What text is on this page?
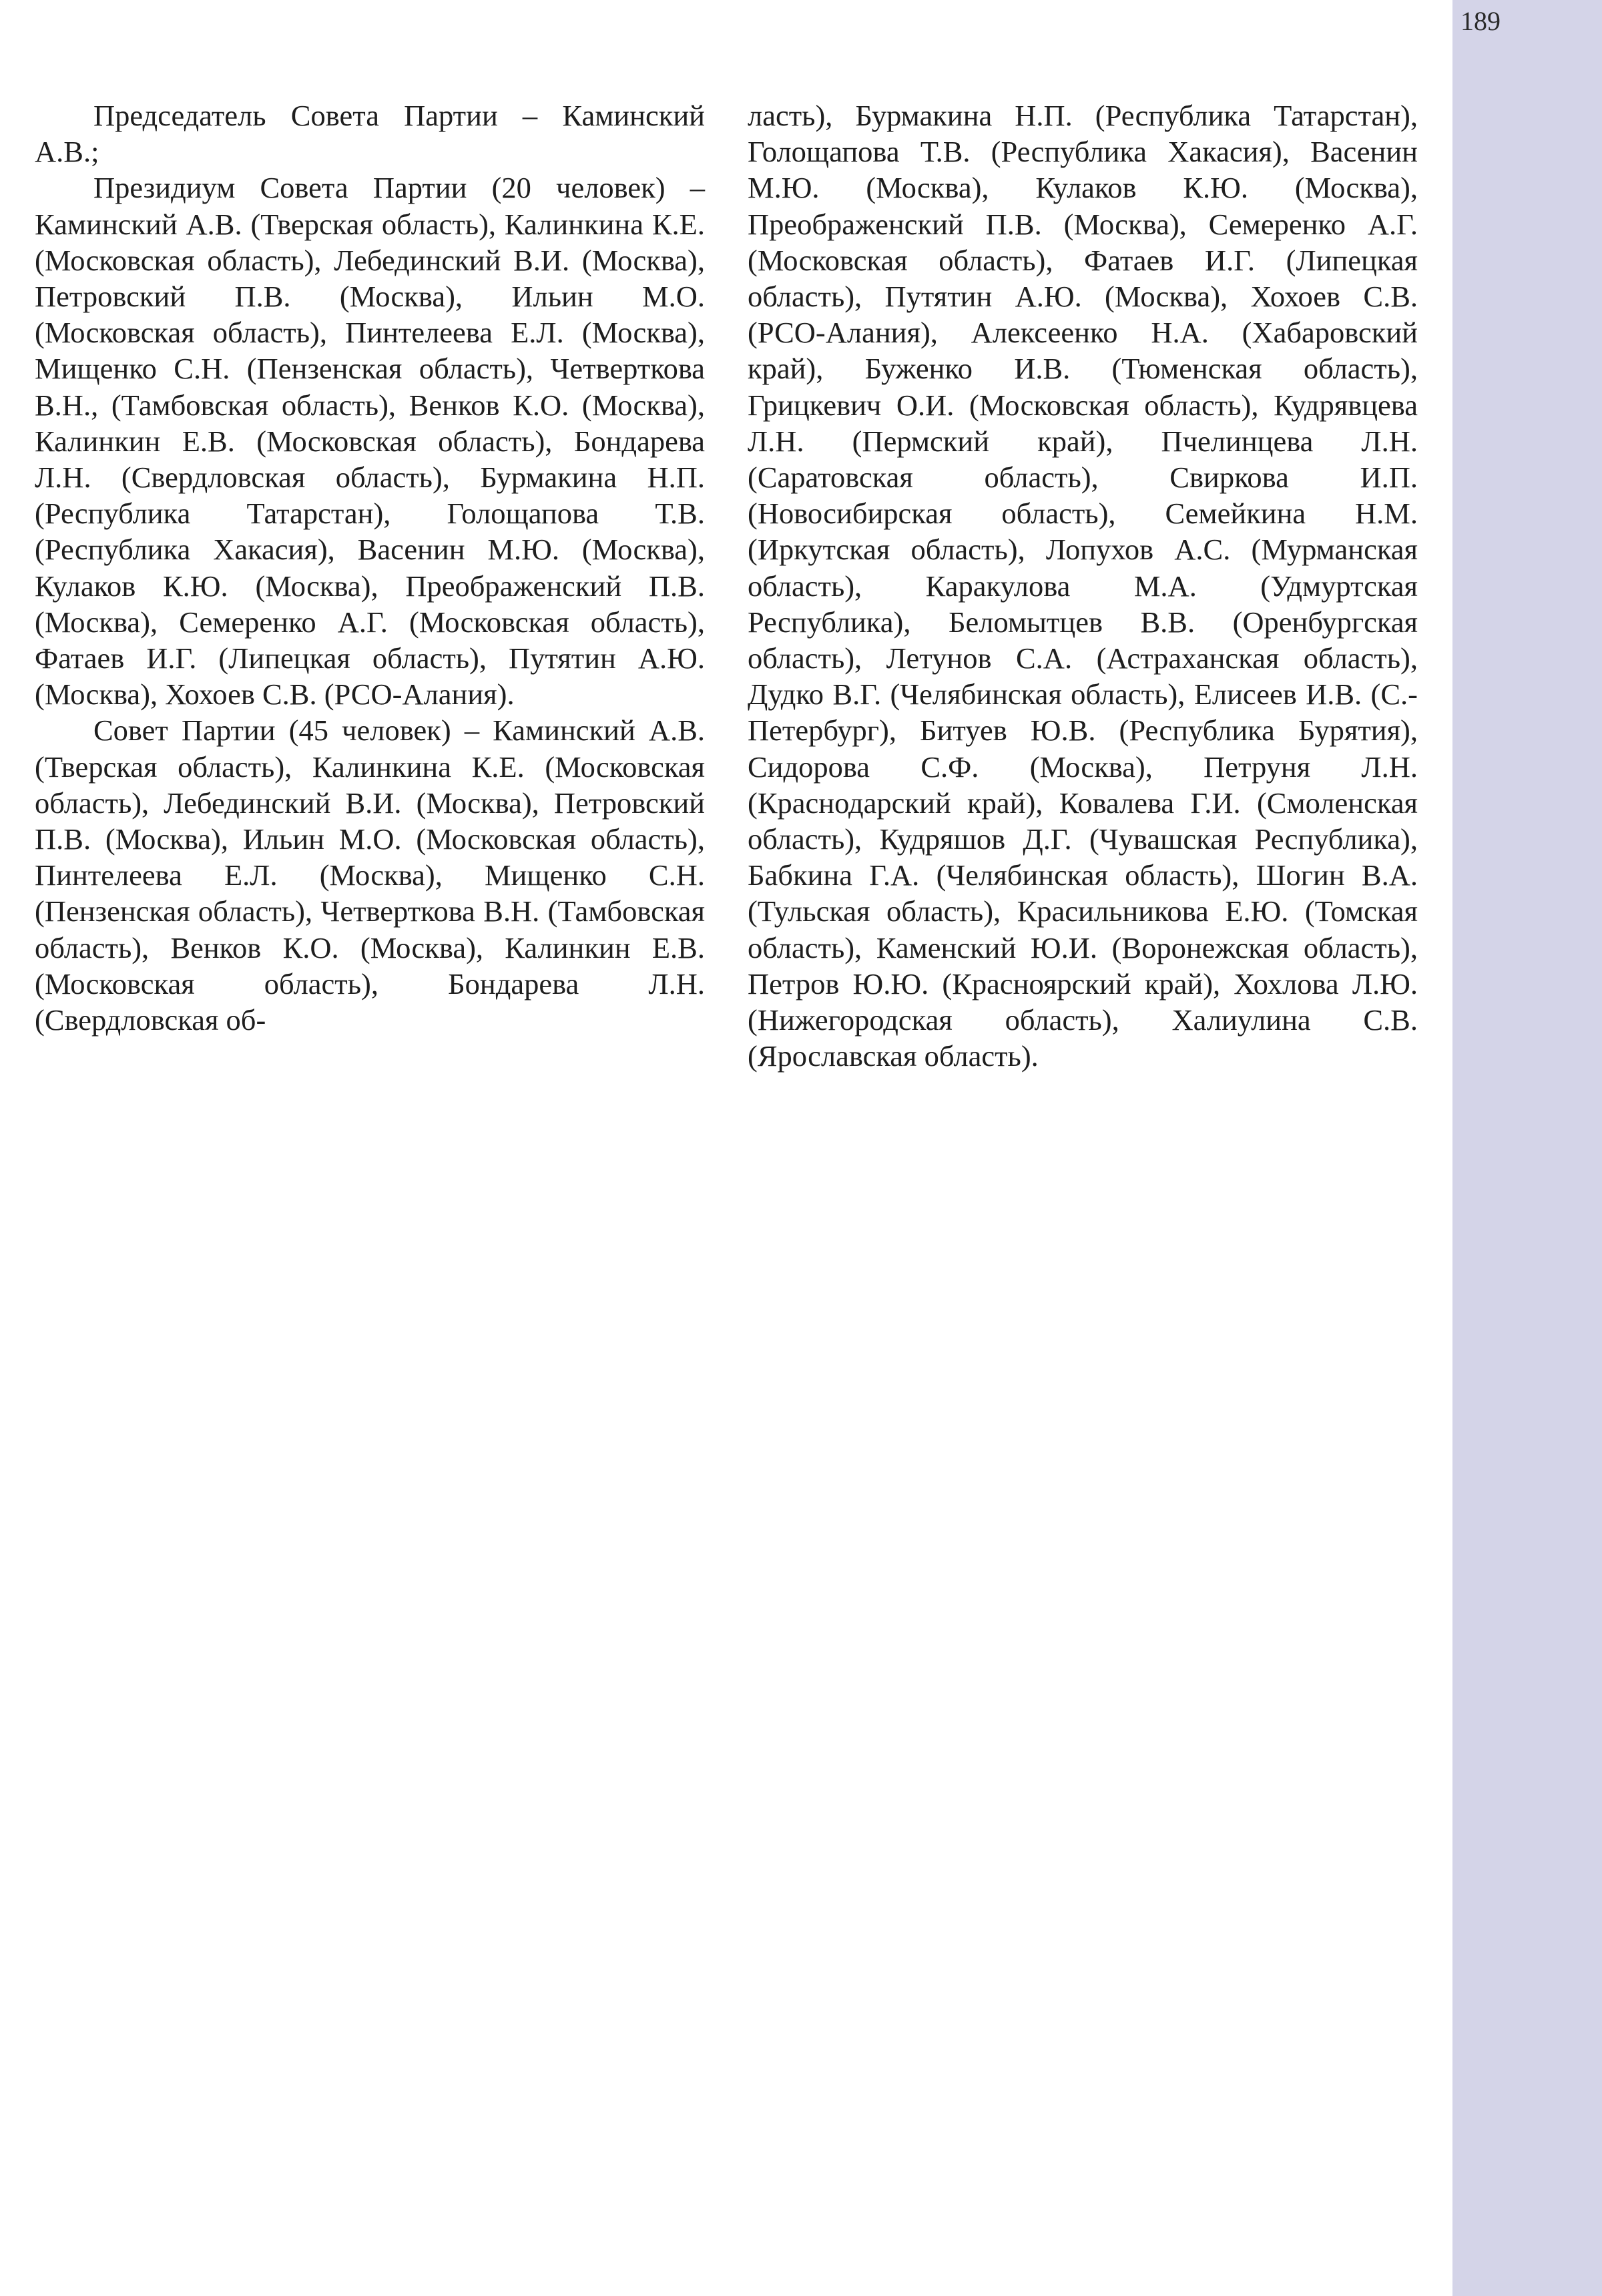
189

Председатель Совета Партии – Каминский А.В.;

Президиум Совета Партии (20 человек) – Каминский А.В. (Тверская область), Калинкина К.Е. (Московская область), Лебединский В.И. (Москва), Петровский П.В. (Москва), Ильин М.О. (Московская область), Пинтелеева Е.Л. (Москва), Мищенко С.Н. (Пензенская область), Четверткова В.Н., (Тамбовская область), Венков К.О. (Москва), Калинкин Е.В. (Московская область), Бондарева Л.Н. (Свердловская область), Бурмакина Н.П. (Республика Татарстан), Голощапова Т.В. (Республика Хакасия), Васенин М.Ю. (Москва), Кулаков К.Ю. (Москва), Преображенский П.В. (Москва), Семеренко А.Г. (Московская область), Фатаев И.Г. (Липецкая область), Путятин А.Ю. (Москва), Хохоев С.В. (РСО-Алания).

Совет Партии (45 человек) – Каминский А.В. (Тверская область), Калинкина К.Е. (Московская область), Лебединский В.И. (Москва), Петровский П.В. (Москва), Ильин М.О. (Московская область), Пинтелеева Е.Л. (Москва), Мищенко С.Н. (Пензенская область), Четверткова В.Н. (Тамбовская область), Венков К.О. (Москва), Калинкин Е.В. (Московская область), Бондарева Л.Н. (Свердловская об-

ласть), Бурмакина Н.П. (Республика Татарстан), Голощапова Т.В. (Республика Хакасия), Васенин М.Ю. (Москва), Кулаков К.Ю. (Москва), Преображенский П.В. (Москва), Семеренко А.Г. (Московская область), Фатаев И.Г. (Липецкая область), Путятин А.Ю. (Москва), Хохоев С.В. (РСО-Алания), Алексеенко Н.А. (Хабаровский край), Буженко И.В. (Тюменская область), Грицкевич О.И. (Московская область), Кудрявцева Л.Н. (Пермский край), Пчелинцева Л.Н. (Саратовская область), Свиркова И.П. (Новосибирская область), Семейкина Н.М. (Иркутская область), Лопухов А.С. (Мурманская область), Каракулова М.А. (Удмуртская Республика), Беломытцев В.В. (Оренбургская область), Летунов С.А. (Астраханская область), Дудко В.Г. (Челябинская область), Елисеев И.В. (С.-Петербург), Битуев Ю.В. (Республика Бурятия), Сидорова С.Ф. (Москва), Петруня Л.Н. (Краснодарский край), Ковалева Г.И. (Смоленская область), Кудряшов Д.Г. (Чувашская Республика), Бабкина Г.А. (Челябинская область), Шогин В.А. (Тульская область), Красильникова Е.Ю. (Томская область), Каменский Ю.И. (Воронежская область), Петров Ю.Ю. (Красноярский край), Хохлова Л.Ю. (Нижегородская область), Халиулина С.В. (Ярославская область).
